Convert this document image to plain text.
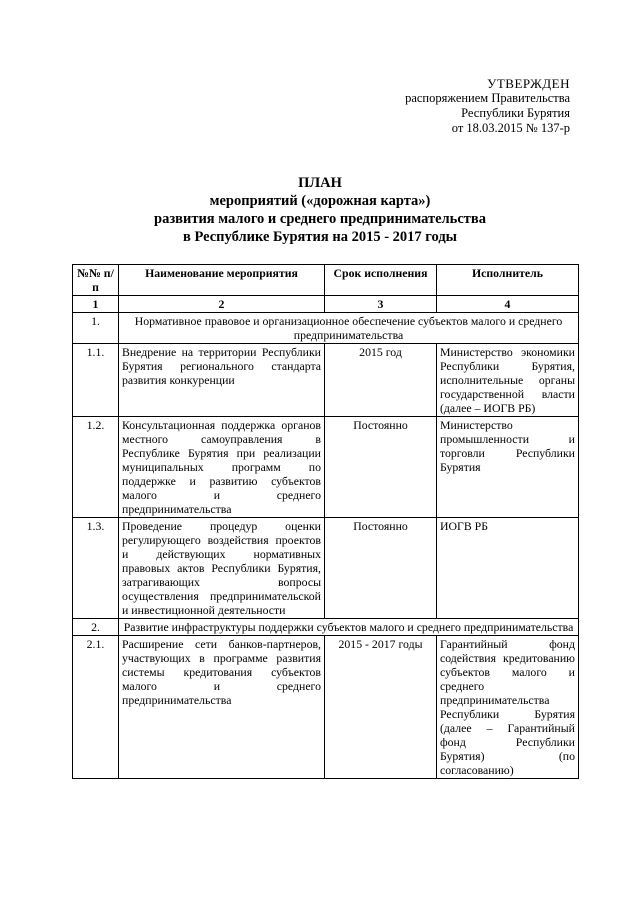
УТВЕРЖДЕН
распоряжением Правительства
Республики Бурятия
от 18.03.2015 № 137-р
ПЛАН
мероприятий («дорожная карта»)
развития малого и среднего предпринимательства
в Республике Бурятия на 2015 - 2017 годы
№№ п/п	Наименование мероприятия	Срок исполнения	Исполнитель
1	2	3	4
1.	Нормативное правовое и организационное обеспечение субъектов малого и среднего предпринимательства		
1.1.	Внедрение на территории Республики Бурятия регионального стандарта развития конкуренции	2015 год	Министерство экономики Республики Бурятия, исполнительные органы государственной власти (далее – ИОГВ РБ)
1.2.	Консультационная поддержка органов местного самоуправления в Республике Бурятия при реализации муниципальных программ по поддержке и развитию субъектов малого и среднего предпринимательства	Постоянно	Министерство промышленности и торговли Республики Бурятия
1.3.	Проведение процедур оценки регулирующего воздействия проектов и действующих нормативных правовых актов Республики Бурятия, затрагивающих вопросы осуществления предпринимательской и инвестиционной деятельности	Постоянно	ИОГВ РБ
2.	Развитие инфраструктуры поддержки субъектов малого и среднего предпринимательства		
2.1.	Расширение сети банков-партнеров, участвующих в программе развития системы кредитования субъектов малого и среднего предпринимательства	2015 - 2017 годы	Гарантийный фонд содействия кредитованию субъектов малого и среднего предпринимательства Республики Бурятия (далее – Гарантийный фонд Республики Бурятия) (по согласованию)
